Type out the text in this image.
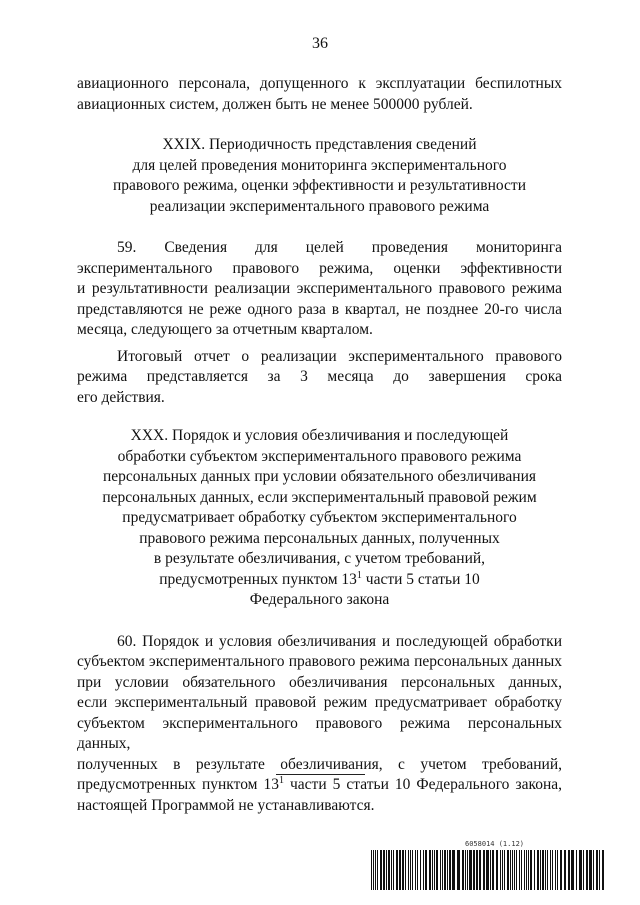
36

авиационного персонала, допущенного к эксплуатации беспилотных

авиационных систем, должен быть не менее 500000 рублей.

XXIX. Периодичность представления сведений
для целей проведения мониторинга экспериментального
правового режима, оценки эффективности и результативности
реализации экспериментального правового режима

59. Сведения для целей проведения мониторинга

экспериментального правового режима, оценки эффективности

и результативности реализации экспериментального правового режима

представляются не реже одного раза в квартал, не позднее 20-го числа

месяца, следующего за отчетным кварталом.

Итоговый отчет о реализации экспериментального правового

режима представляется за 3 месяца до завершения срока

его действия.

XXX. Порядок и условия обезличивания и последующей
обработки субъектом экспериментального правового режима
персональных данных при условии обязательного обезличивания
персональных данных, если экспериментальный правовой режим
предусматривает обработку субъектом экспериментального
правового режима персональных данных, полученных
в результате обезличивания, с учетом требований,
предусмотренных пунктом $13^1$ части 5 статьи 10
Федерального закона

60. Порядок и условия обезличивания и последующей обработки

субъектом экспериментального правового режима персональных данных

при условии обязательного обезличивания персональных данных,

если экспериментальный правовой режим предусматривает обработку

субъектом экспериментального правового режима персональных данных,

полученных в результате обезличивания, с учетом требований,

предусмотренных пунктом $13^1$ части 5 статьи 10 Федерального закона,

настоящей Программой не устанавливаются.

6058014 (1.12)
